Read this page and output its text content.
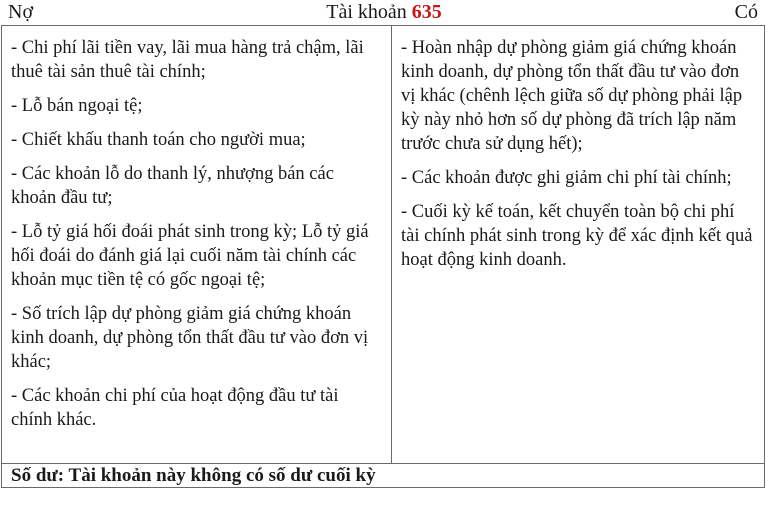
Nợ	Tài khoản 635	Có

- Chi phí lãi tiền vay, lãi mua hàng trả chậm, lãi thuê tài sản thuê tài chính;

- Lỗ bán ngoại tệ;

- Chiết khấu thanh toán cho người mua;

- Các khoản lỗ do thanh lý, nhượng bán các khoản đầu tư;

- Lỗ tỷ giá hối đoái phát sinh trong kỳ; Lỗ tỷ giá hối đoái do đánh giá lại cuối năm tài chính các khoản mục tiền tệ có gốc ngoại tệ;

- Số trích lập dự phòng giảm giá chứng khoán kinh doanh, dự phòng tổn thất đầu tư vào đơn vị khác;

- Các khoản chi phí của hoạt động đầu tư tài chính khác.

- Hoàn nhập dự phòng giảm giá chứng khoán kinh doanh, dự phòng tổn thất đầu tư vào đơn vị khác (chênh lệch giữa số dự phòng phải lập kỳ này nhỏ hơn số dự phòng đã trích lập năm trước chưa sử dụng hết);

- Các khoản được ghi giảm chi phí tài chính;

- Cuối kỳ kế toán, kết chuyển toàn bộ chi phí tài chính phát sinh trong kỳ để xác định kết quả hoạt động kinh doanh.

Số dư: Tài khoản này không có số dư cuối kỳ
